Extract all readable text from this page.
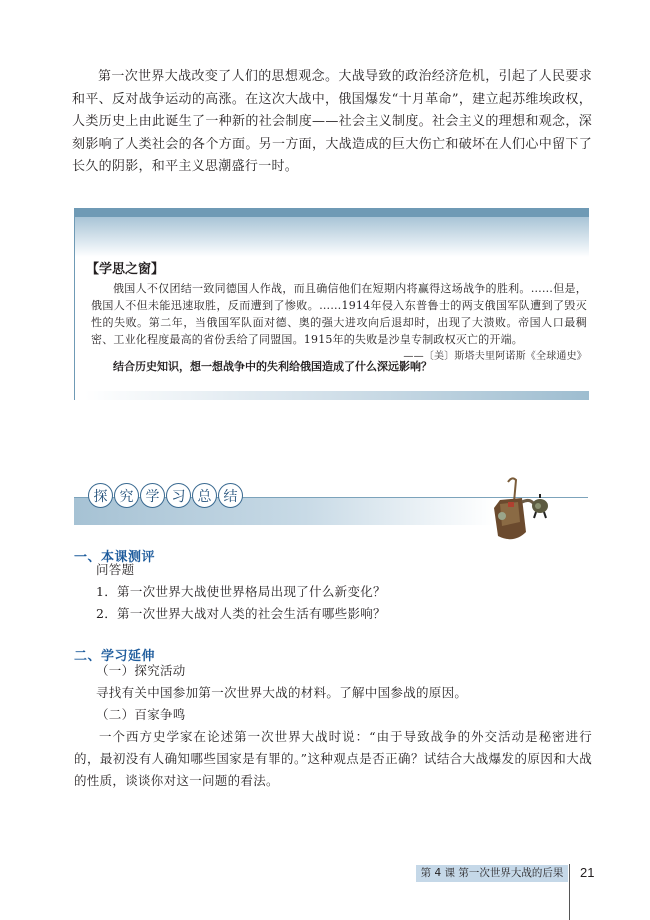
第一次世界大战改变了人们的思想观念。大战导致的政治经济危机，引起了人民要求和平、反对战争运动的高涨。在这次大战中，俄国爆发“十月革命”，建立起苏维埃政权，人类历史上由此诞生了一种新的社会制度——社会主义制度。社会主义的理想和观念，深刻影响了人类社会的各个方面。另一方面，大战造成的巨大伤亡和破坏在人们心中留下了长久的阴影，和平主义思潮盛行一时。

【学思之窗】

俄国人不仅团结一致同德国人作战，而且确信他们在短期内将赢得这场战争的胜利。……但是，俄国人不但未能迅速取胜，反而遭到了惨败。……1914年侵入东普鲁士的两支俄国军队遭到了毁灭性的失败。第二年，当俄国军队面对德、奥的强大进攻向后退却时，出现了大溃败。帝国人口最稠密、工业化程度最高的省份丢给了同盟国。1915年的失败是沙皇专制政权灭亡的开端。

——〔美〕斯塔夫里阿诺斯《全球通史》

结合历史知识，想一想战争中的失利给俄国造成了什么深远影响？
探 究 学 习 总 结
一、本课测评
问答题
1．第一次世界大战使世界格局出现了什么新变化？
2．第一次世界大战对人类的社会生活有哪些影响？
二、学习延伸
（一）探究活动
寻找有关中国参加第一次世界大战的材料。了解中国参战的原因。
（二）百家争鸣

一个西方史学家在论述第一次世界大战时说：“由于导致战争的外交活动是秘密进行的，最初没有人确知哪些国家是有罪的。”这种观点是否正确？试结合大战爆发的原因和大战的性质，谈谈你对这一问题的看法。

第 4 课 第一次世界大战的后果	21
